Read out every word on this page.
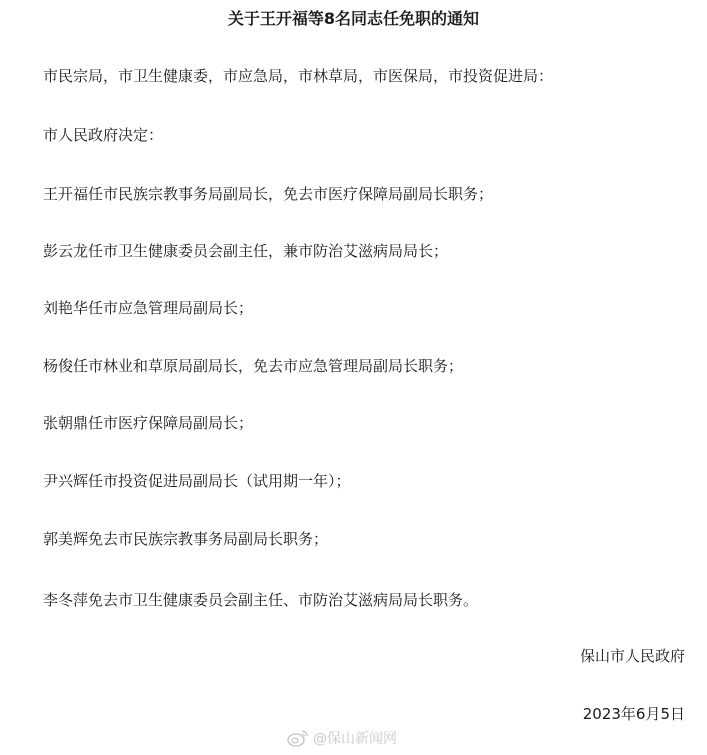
关于王开福等8名同志任免职的通知
市民宗局，市卫生健康委，市应急局，市林草局，市医保局，市投资促进局：
市人民政府决定：
王开福任市民族宗教事务局副局长，免去市医疗保障局副局长职务；
彭云龙任市卫生健康委员会副主任，兼市防治艾滋病局局长；
刘艳华任市应急管理局副局长；
杨俊任市林业和草原局副局长，免去市应急管理局副局长职务；
张朝鼎任市医疗保障局副局长；
尹兴辉任市投资促进局副局长（试用期一年）；
郭美辉免去市民族宗教事务局副局长职务；
李冬萍免去市卫生健康委员会副主任、市防治艾滋病局局长职务。
保山市人民政府
2023年6月5日
@保山新闻网
